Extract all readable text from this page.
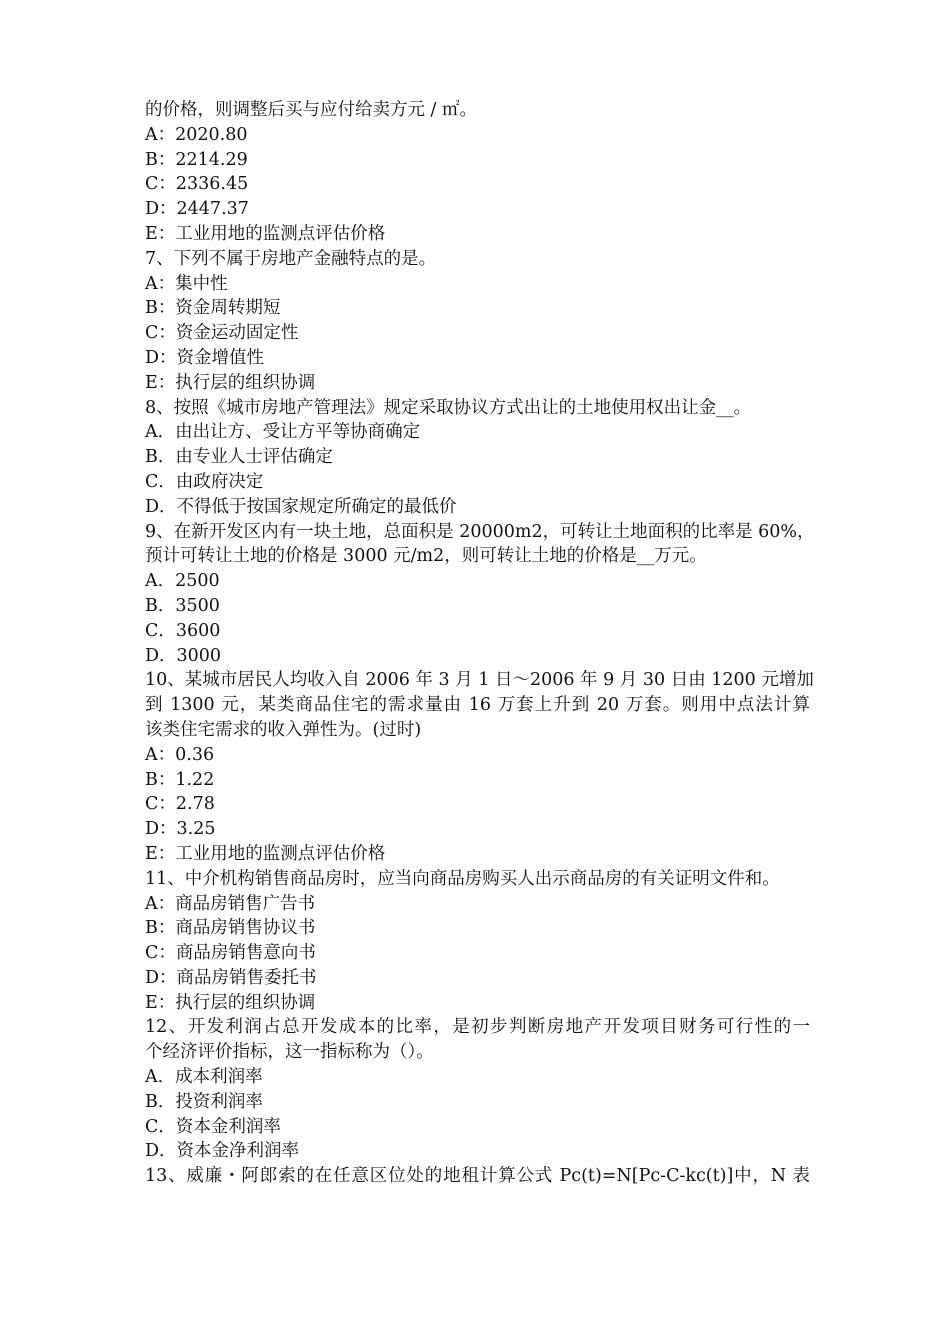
的价格，则调整后买与应付给卖方元 / ㎡。
A：2020.80
B：2214.29
C：2336.45
D：2447.37
E：工业用地的监测点评估价格
7、下列不属于房地产金融特点的是。
A：集中性
B：资金周转期短
C：资金运动固定性
D：资金增值性
E：执行层的组织协调
8、按照《城市房地产管理法》规定采取协议方式出让的土地使用权出让金__。
A．由出让方、受让方平等协商确定
B．由专业人士评估确定
C．由政府决定
D．不得低于按国家规定所确定的最低价
9、在新开发区内有一块土地，总面积是 20000m2，可转让土地面积的比率是 60%，
预计可转让土地的价格是 3000 元/m2，则可转让土地的价格是__万元。
A．2500
B．3500
C．3600
D．3000
10、某城市居民人均收入自 2006 年 3 月 1 日～2006 年 9 月 30 日由 1200 元增加
到 1300 元，某类商品住宅的需求量由 16 万套上升到 20 万套。则用中点法计算
该类住宅需求的收入弹性为。(过时)
A：0.36
B：1.22
C：2.78
D：3.25
E：工业用地的监测点评估价格
11、中介机构销售商品房时，应当向商品房购买人出示商品房的有关证明文件和。
A：商品房销售广告书
B：商品房销售协议书
C：商品房销售意向书
D：商品房销售委托书
E：执行层的组织协调
12、开发利润占总开发成本的比率，是初步判断房地产开发项目财务可行性的一
个经济评价指标，这一指标称为（）。
A．成本利润率
B．投资利润率
C．资本金利润率
D．资本金净利润率
13、威廉・阿郎索的在任意区位处的地租计算公式 Pc(t)=N[Pc-C-kc(t)]中，N 表
